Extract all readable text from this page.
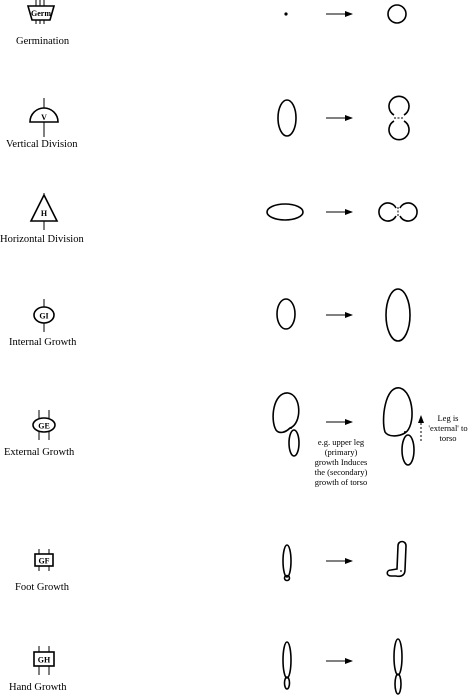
Germ
V
H
GI
GE
GF
GH
Germination
Vertical Division
Horizontal Division
Internal Growth
External Growth
Foot Growth
Hand Growth
e.g. upper leg
(primary)
growth Induces
the (secondary)
growth of torso
Leg is
'external' to
torso
